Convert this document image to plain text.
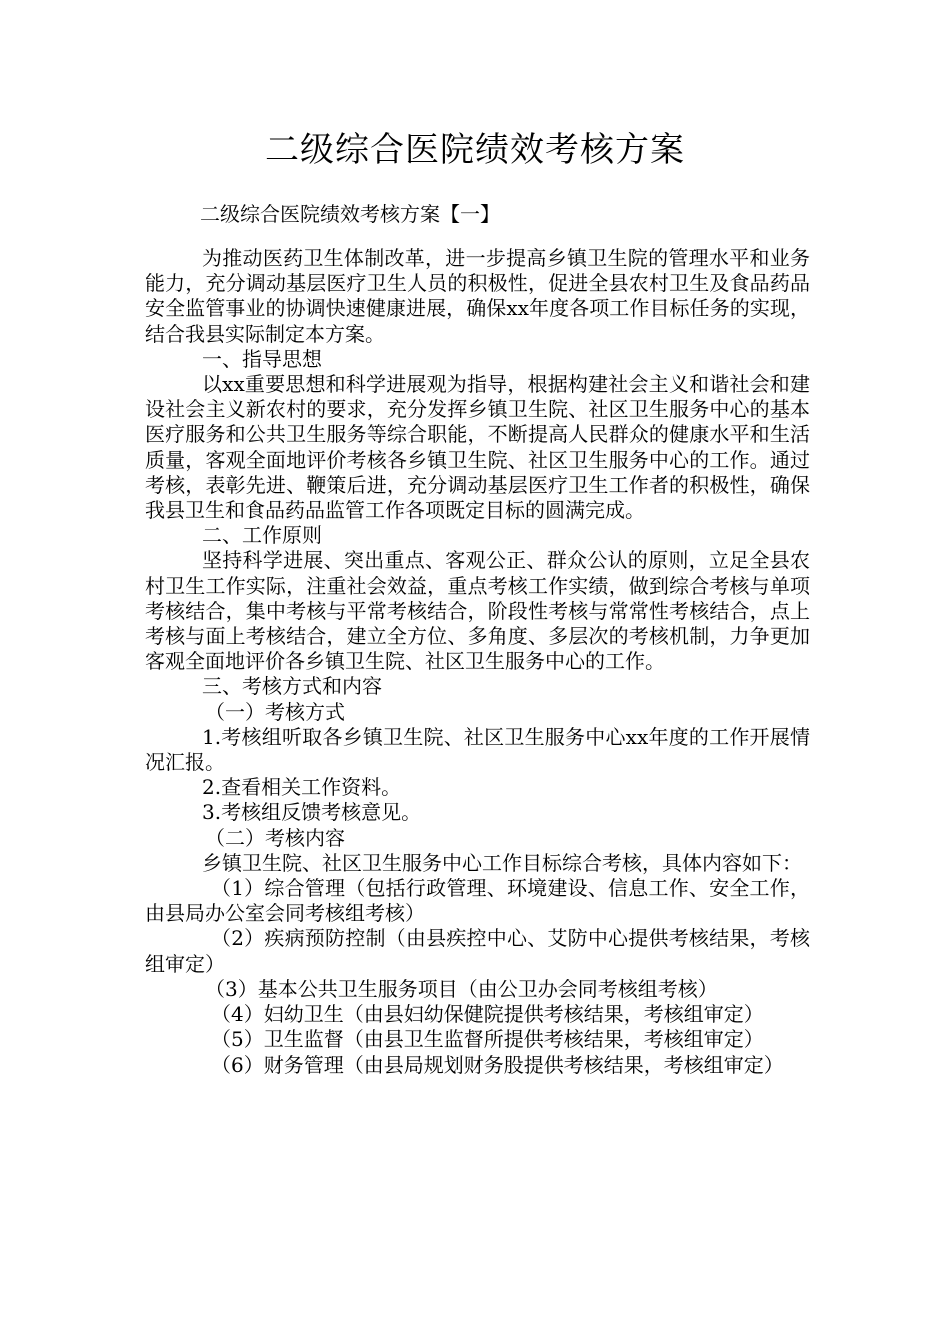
二级综合医院绩效考核方案
二级综合医院绩效考核方案【一】

为推动医药卫生体制改革，进一步提高乡镇卫生院的管理水平和业务能力，充分调动基层医疗卫生人员的积极性，促进全县农村卫生及食品药品安全监管事业的协调快速健康进展，确保xx年度各项工作目标任务的实现，结合我县实际制定本方案。

一、指导思想

以xx重要思想和科学进展观为指导，根据构建社会主义和谐社会和建设社会主义新农村的要求，充分发挥乡镇卫生院、社区卫生服务中心的基本医疗服务和公共卫生服务等综合职能，不断提高人民群众的健康水平和生活质量，客观全面地评价考核各乡镇卫生院、社区卫生服务中心的工作。通过考核，表彰先进、鞭策后进，充分调动基层医疗卫生工作者的积极性，确保我县卫生和食品药品监管工作各项既定目标的圆满完成。

二、工作原则

坚持科学进展、突出重点、客观公正、群众公认的原则，立足全县农村卫生工作实际，注重社会效益，重点考核工作实绩，做到综合考核与单项考核结合，集中考核与平常考核结合，阶段性考核与常常性考核结合，点上考核与面上考核结合，建立全方位、多角度、多层次的考核机制，力争更加客观全面地评价各乡镇卫生院、社区卫生服务中心的工作。

三、考核方式和内容

（一）考核方式

1.考核组听取各乡镇卫生院、社区卫生服务中心xx年度的工作开展情况汇报。

2.查看相关工作资料。

3.考核组反馈考核意见。

（二）考核内容

乡镇卫生院、社区卫生服务中心工作目标综合考核，具体内容如下：

（1）综合管理（包括行政管理、环境建设、信息工作、安全工作，由县局办公室会同考核组考核）

（2）疾病预防控制（由县疾控中心、艾防中心提供考核结果，考核组审定）

（3）基本公共卫生服务项目（由公卫办会同考核组考核）

（4）妇幼卫生（由县妇幼保健院提供考核结果，考核组审定）

（5）卫生监督（由县卫生监督所提供考核结果，考核组审定）

（6）财务管理（由县局规划财务股提供考核结果，考核组审定）
